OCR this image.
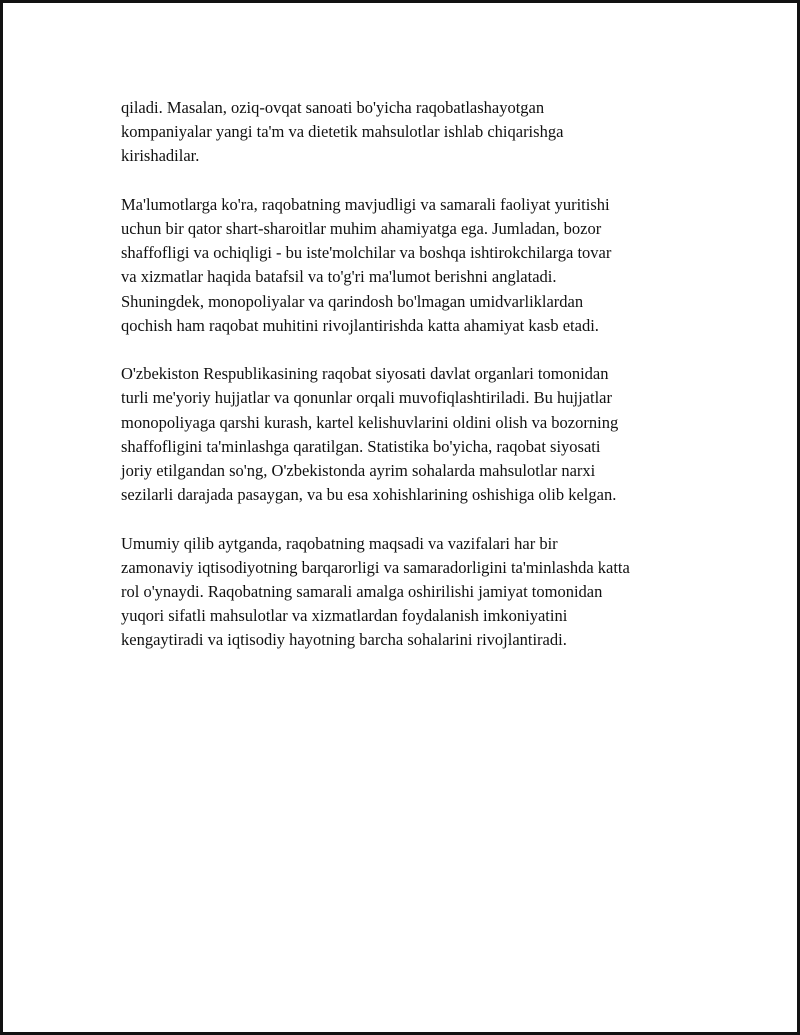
qiladi. Masalan, oziq-ovqat sanoati bo'yicha raqobatlashayotgan
kompaniyalar yangi ta'm va dietetik mahsulotlar ishlab chiqarishga
kirishadilar.

Ma'lumotlarga ko'ra, raqobatning mavjudligi va samarali faoliyat yuritishi
uchun bir qator shart-sharoitlar muhim ahamiyatga ega. Jumladan, bozor
shaffofligi va ochiqligi - bu iste'molchilar va boshqa ishtirokchilarga tovar
va xizmatlar haqida batafsil va to'g'ri ma'lumot berishni anglatadi.
Shuningdek, monopoliyalar va qarindosh bo'lmagan umidvarliklardan
qochish ham raqobat muhitini rivojlantirishda katta ahamiyat kasb etadi.

O'zbekiston Respublikasining raqobat siyosati davlat organlari tomonidan
turli me'yoriy hujjatlar va qonunlar orqali muvofiqlashtiriladi. Bu hujjatlar
monopoliyaga qarshi kurash, kartel kelishuvlarini oldini olish va bozorning
shaffofligini ta'minlashga qaratilgan. Statistika bo'yicha, raqobat siyosati
joriy etilgandan so'ng, O'zbekistonda ayrim sohalarda mahsulotlar narxi
sezilarli darajada pasaygan, va bu esa xohishlarining oshishiga olib kelgan.

Umumiy qilib aytganda, raqobatning maqsadi va vazifalari har bir
zamonaviy iqtisodiyotning barqarorligi va samaradorligini ta'minlashda katta
rol o'ynaydi. Raqobatning samarali amalga oshirilishi jamiyat tomonidan
yuqori sifatli mahsulotlar va xizmatlardan foydalanish imkoniyatini
kengaytiradi va iqtisodiy hayotning barcha sohalarini rivojlantiradi.
